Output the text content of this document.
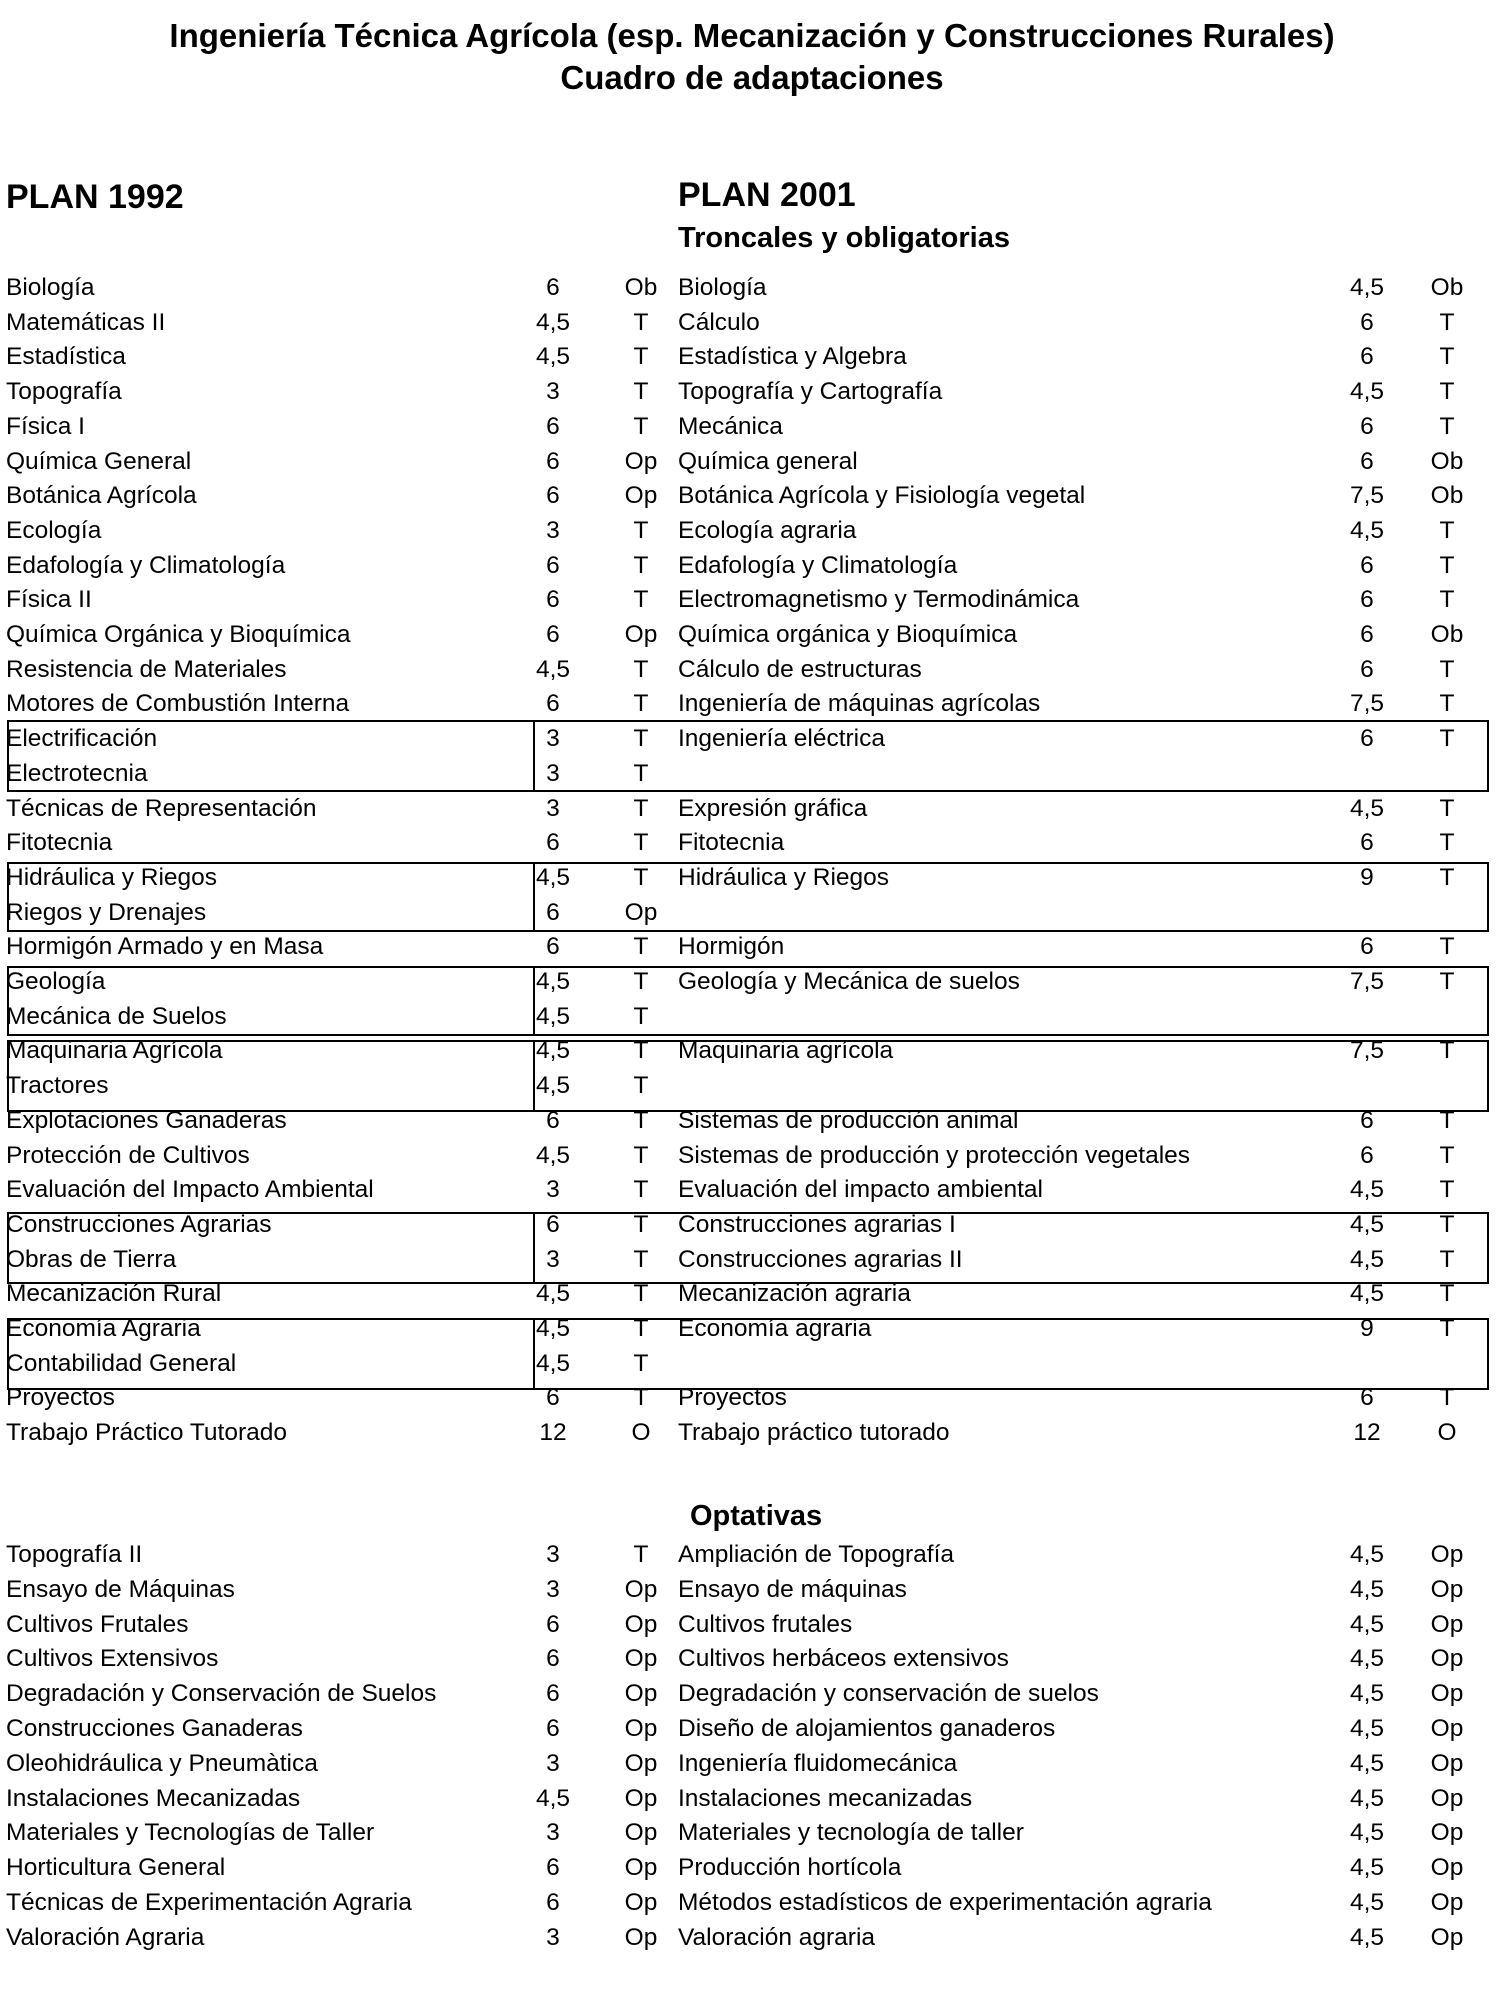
Ingeniería Técnica Agrícola (esp. Mecanización y Construcciones Rurales)
Cuadro de adaptaciones
PLAN 1992	PLAN 2001
Troncales y obligatorias
Optativas
Biología	6	Ob Biología	4,5	Ob
Matemáticas II	4,5	T	Cálculo	6	T
Estadística	4,5	T	Estadística y Algebra	6	T
Topografía	3	T	Topografía y Cartografía	4,5	T
Física I	6	T	Mecánica	6	T
Química General	6	Op Química general	6	Ob
Botánica Agrícola	6	Op Botánica Agrícola y Fisiología vegetal	7,5	Ob
Ecología	3	T	Ecología agraria	4,5	T
Edafología y Climatología	6	T	Edafología y Climatología	6	T
Física II	6	T	Electromagnetismo y Termodinámica	6	T
Química Orgánica y Bioquímica	6	Op Química orgánica y Bioquímica	6	Ob
Resistencia de Materiales	4,5	T	Cálculo de estructuras	6	T
Motores de Combustión Interna	6	T	Ingeniería de máquinas agrícolas	7,5	T
Electrificación	3	T	Ingeniería eléctrica	6	T
Electrotecnia	3	T
Técnicas de Representación	3	T	Expresión gráfica	4,5	T
Fitotecnia	6	T	Fitotecnia	6	T
Hidráulica y Riegos	4,5	T	Hidráulica y Riegos	9	T
Riegos y Drenajes	6	Op
Hormigón Armado y en Masa	6	T	Hormigón	6	T
Geología	4,5	T	Geología y Mecánica de suelos	7,5	T
Mecánica de Suelos	4,5	T
Maquinaria Agrícola	4,5	T	Maquinaria agrícola	7,5	T
Tractores	4,5	T
Explotaciones Ganaderas	6	T	Sistemas de producción animal	6	T
Protección de Cultivos	4,5	T	Sistemas de producción y protección vegetales	6	T
Evaluación del Impacto Ambiental	3	T	Evaluación del impacto ambiental	4,5	T
Construcciones Agrarias	6	T	Construcciones agrarias I	4,5	T
Obras de Tierra	3	T	Construcciones agrarias II	4,5	T
Mecanización Rural	4,5	T	Mecanización agraria	4,5	T
Economía Agraria	4,5	T	Economía agraria	9	T
Contabilidad General	4,5	T
Proyectos	6	T	Proyectos	6	T
Trabajo Práctico Tutorado	12	O	Trabajo práctico tutorado	12	O
Topografía II	3	T	Ampliación de Topografía	4,5	Op
Ensayo de Máquinas	3	Op Ensayo de máquinas	4,5	Op
Cultivos Frutales	6	Op Cultivos frutales	4,5	Op
Cultivos Extensivos	6	Op Cultivos herbáceos extensivos	4,5	Op
Degradación y Conservación de Suelos	6	Op Degradación y conservación de suelos	4,5	Op
Construcciones Ganaderas	6	Op Diseño de alojamientos ganaderos	4,5	Op
Oleohidráulica y Pneumàtica	3	Op Ingeniería fluidomecánica	4,5	Op
Instalaciones Mecanizadas	4,5	Op Instalaciones mecanizadas	4,5	Op
Materiales y Tecnologías de Taller	3	Op Materiales y tecnología de taller	4,5	Op
Horticultura General	6	Op Producción hortícola	4,5	Op
Técnicas de Experimentación Agraria	6	Op Métodos estadísticos de experimentación agraria	4,5	Op
Valoración Agraria	3	Op Valoración agraria	4,5	Op
